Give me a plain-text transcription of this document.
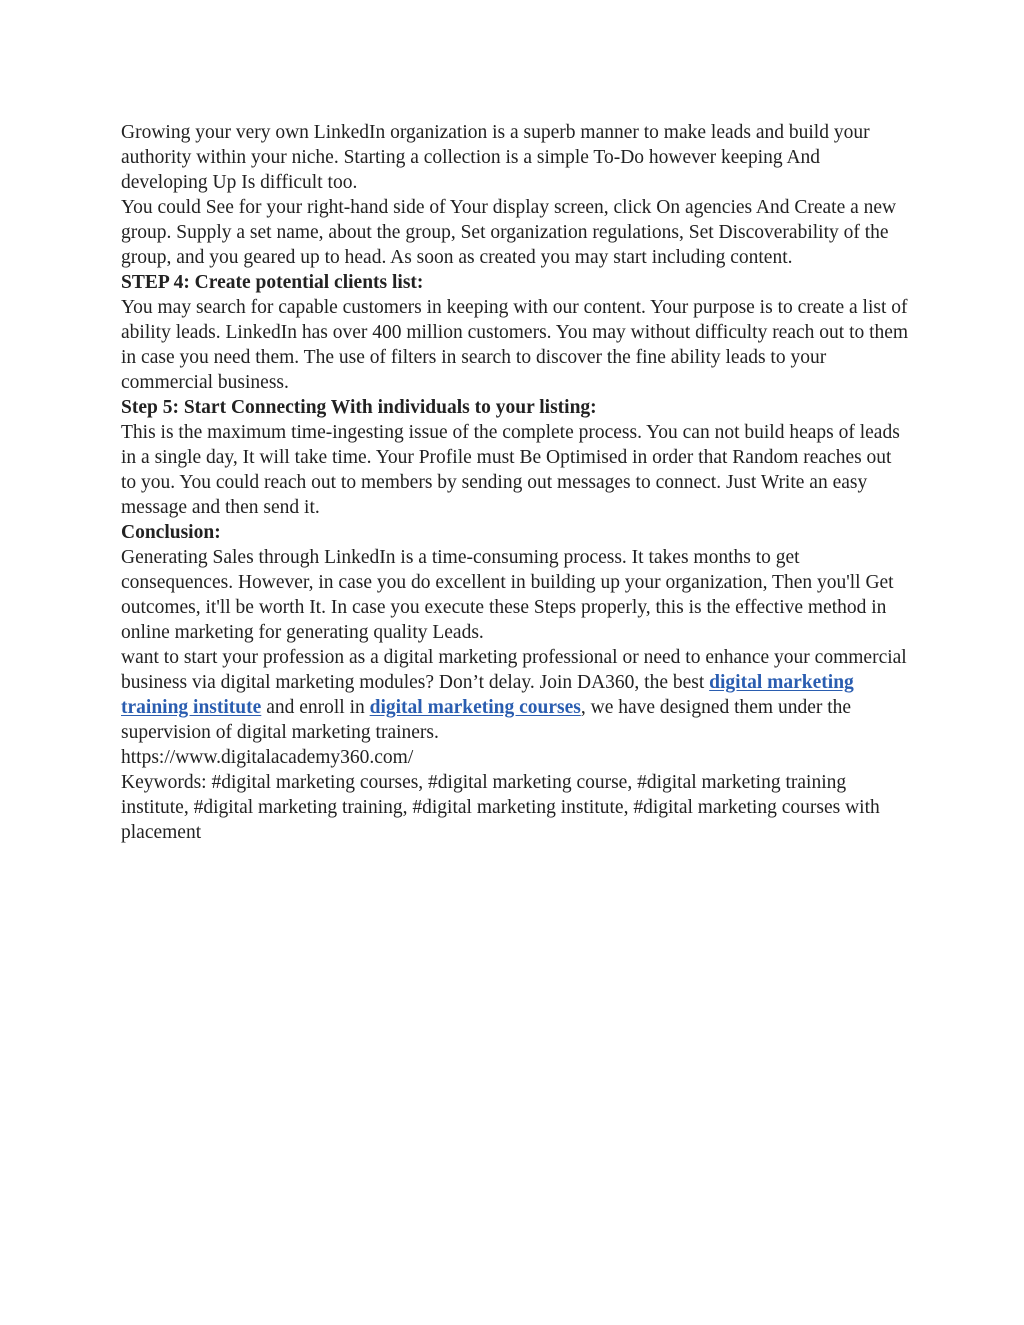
Growing your very own LinkedIn organization is a superb manner to make leads and build your authority within your niche. Starting a collection is a simple To-Do however keeping And developing Up Is difficult too.

You could See for your right-hand side of Your display screen, click On agencies And Create a new group. Supply a set name, about the group, Set organization regulations, Set Discoverability of the group, and you geared up to head. As soon as created you may start including content.

STEP 4: Create potential clients list:

You may search for capable customers in keeping with our content. Your purpose is to create a list of ability leads. LinkedIn has over 400 million customers. You may without difficulty reach out to them in case you need them. The use of filters in search to discover the fine ability leads to your commercial business.

Step 5: Start Connecting With individuals to your listing:

This is the maximum time-ingesting issue of the complete process. You can not build heaps of leads in a single day, It will take time. Your Profile must Be Optimised in order that Random reaches out to you. You could reach out to members by sending out messages to connect. Just Write an easy message and then send it.

Conclusion:

Generating Sales through LinkedIn is a time-consuming process. It takes months to get consequences. However, in case you do excellent in building up your organization, Then you'll Get outcomes, it'll be worth It. In case you execute these Steps properly, this is the effective method in online marketing for generating quality Leads.

want to start your profession as a digital marketing professional or need to enhance your commercial business via digital marketing modules? Don’t delay. Join DA360, the best digital marketing training institute and enroll in digital marketing courses, we have designed them under the supervision of digital marketing trainers.

https://www.digitalacademy360.com/

Keywords: #digital marketing courses, #digital marketing course, #digital marketing training institute, #digital marketing training, #digital marketing institute, #digital marketing courses with placement
